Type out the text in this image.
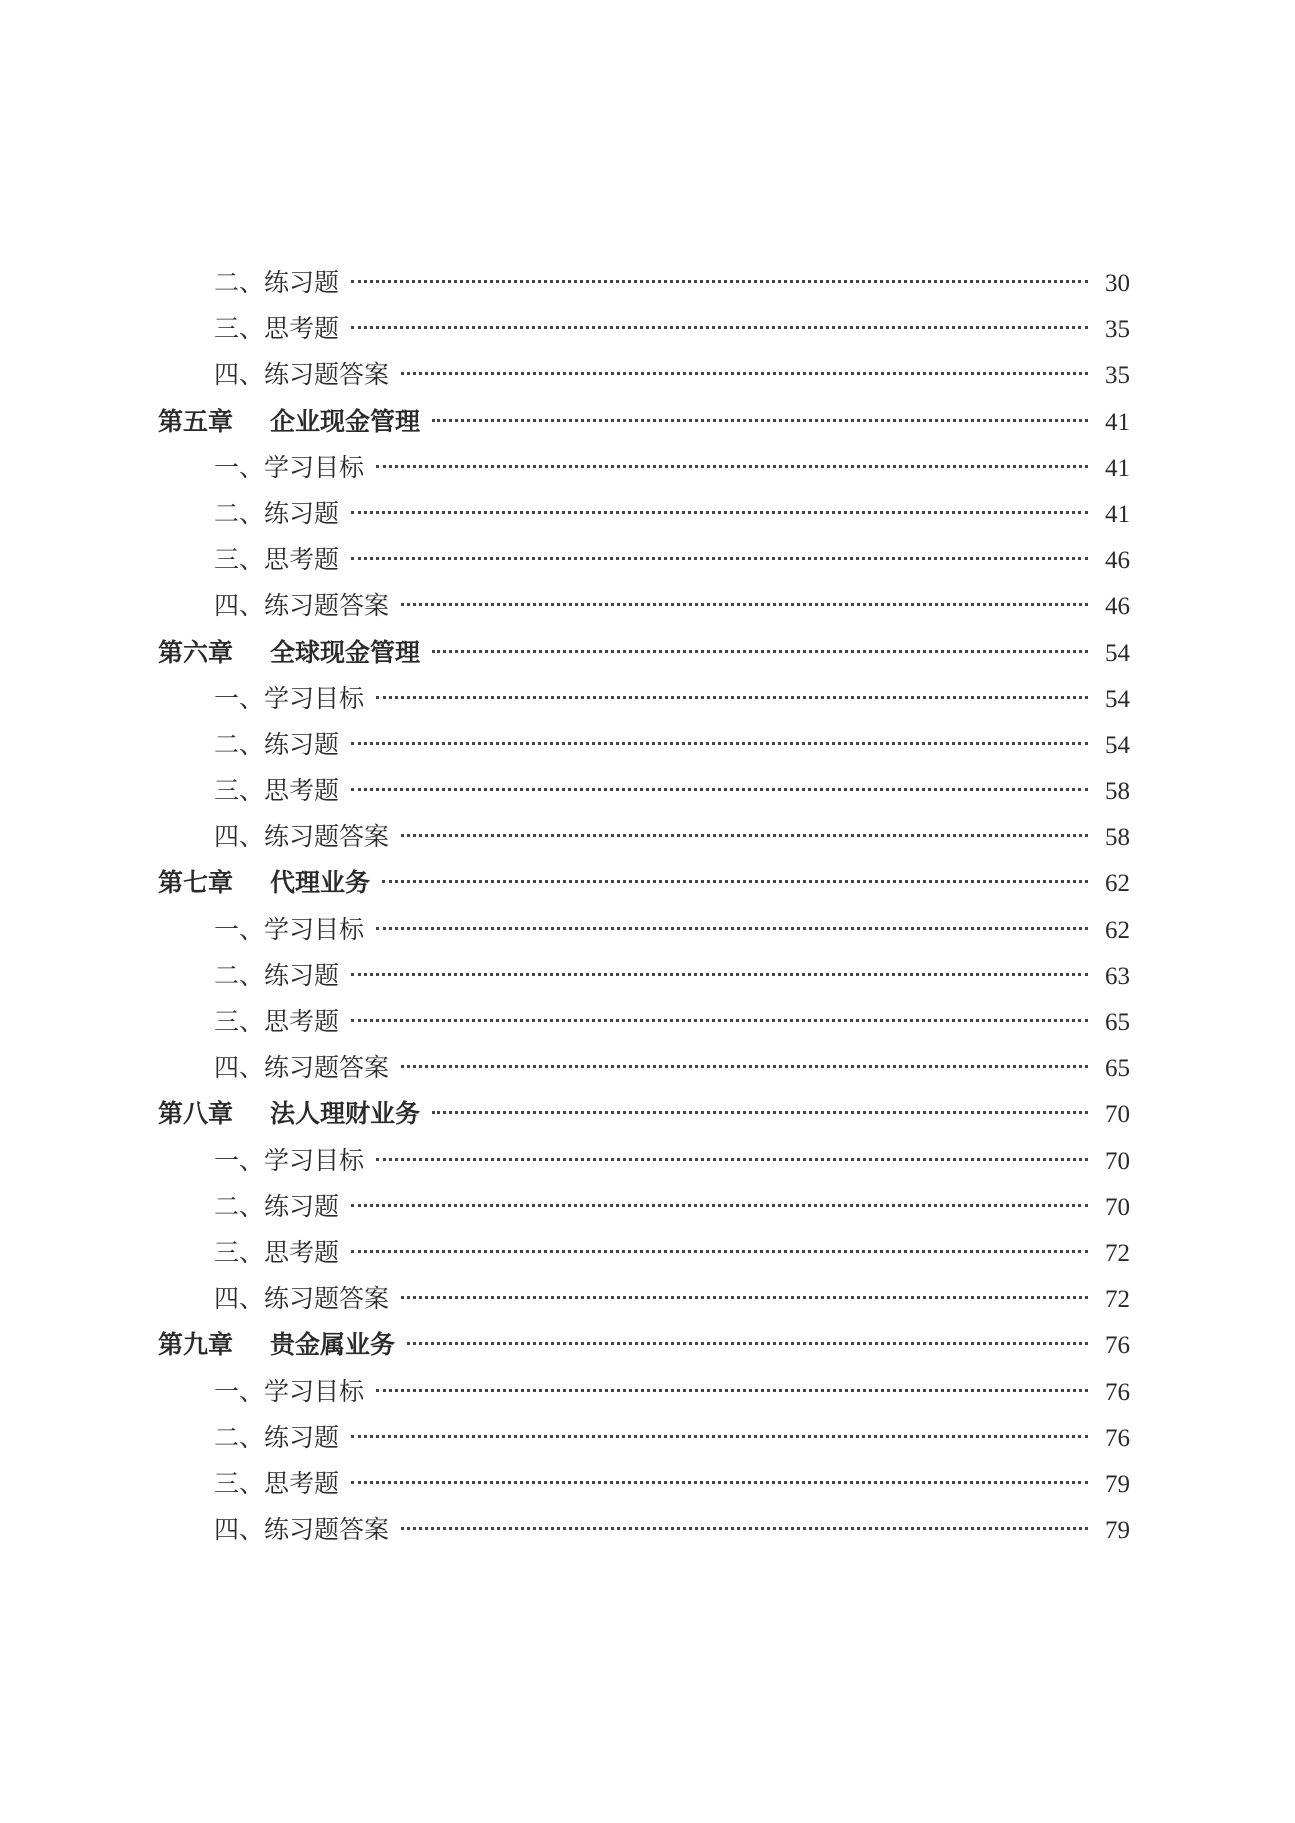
二、练习题	30
三、思考题	35
四、练习题答案	35
第五章 企业现金管理	41
一、学习目标	41
二、练习题	41
三、思考题	46
四、练习题答案	46
第六章 全球现金管理	54
一、学习目标	54
二、练习题	54
三、思考题	58
四、练习题答案	58
第七章 代理业务	62
一、学习目标	62
二、练习题	63
三、思考题	65
四、练习题答案	65
第八章 法人理财业务	70
一、学习目标	70
二、练习题	70
三、思考题	72
四、练习题答案	72
第九章 贵金属业务	76
一、学习目标	76
二、练习题	76
三、思考题	79
四、练习题答案	79
